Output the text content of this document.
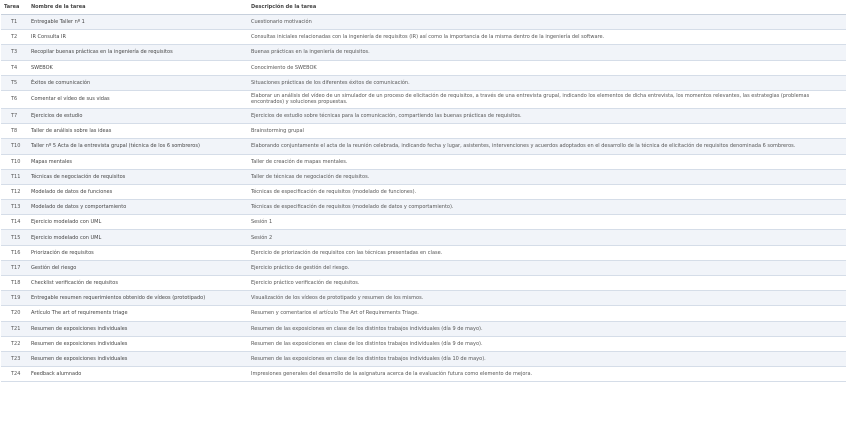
Tarea	Nombre de la tarea	Descripción de la tarea
T1	Entregable Taller nº 1	Cuestionario motivación
T2	IR Consulta IR	Consultas iniciales relacionadas con la ingeniería de requisitos (IR) así como la importancia de la misma dentro de la ingeniería del software.
T3	Recopilar buenas prácticas en la ingeniería de requisitos	Buenas prácticas en la ingeniería de requisitos.
T4	SWEBOK	Conocimiento de SWEBOK
T5	Éxitos de comunicación	Situaciones prácticas de los diferentes éxitos de comunicación.
T6	Comentar el vídeo de sus vidas	Elaborar un análisis del vídeo de un simulador de un proceso de elicitación de requisitos, a través de una entrevista grupal, indicando los elementos de dicha entrevista, los momentos relevantes, las estrategias (problemas encontrados) y soluciones propuestas.
T7	Ejercicios de estudio	Ejercicios de estudio sobre técnicas para la comunicación, compartiendo las buenas prácticas de requisitos.
T8	Taller de análisis sobre las ideas	Brainstorming grupal
T10	Taller nº 5 Acta de la entrevista grupal (técnica de los 6 sombreros)	Elaborando conjuntamente el acta de la reunión celebrada, indicando fecha y lugar, asistentes, intervenciones y acuerdos adoptados en el desarrollo de la técnica de elicitación de requisitos denominada 6 sombreros.
T10	Mapas mentales	Taller de creación de mapas mentales.
T11	Técnicas de negociación de requisitos	Taller de técnicas de negociación de requisitos.
T12	Modelado de datos de funciones	Técnicas de especificación de requisitos (modelado de funciones).
T13	Modelado de datos y comportamiento	Técnicas de especificación de requisitos (modelado de datos y comportamiento).
T14	Ejercicio modelado con UML	Sesión 1
T15	Ejercicio modelado con UML	Sesión 2
T16	Priorización de requisitos	Ejercicio de priorización de requisitos con las técnicas presentadas en clase.
T17	Gestión del riesgo	Ejercicio práctico de gestión del riesgo.
T18	Checklist verificación de requisitos	Ejercicio práctico verificación de requisitos.
T19	Entregable resumen requerimientos obtenido de vídeos (prototipado)	Visualización de los vídeos de prototipado y resumen de los mismos.
T20	Artículo The art of requirements triage	Resumen y comentarios el artículo The Art of Requirements Triage.
T21	Resumen de exposiciones individuales	Resumen de las exposiciones en clase de los distintos trabajos individuales (día 9 de mayo).
T22	Resumen de exposiciones individuales	Resumen de las exposiciones en clase de los distintos trabajos individuales (día 9 de mayo).
T23	Resumen de exposiciones individuales	Resumen de las exposiciones en clase de los distintos trabajos individuales (día 10 de mayo).
T24	Feedback alumnado	Impresiones generales del desarrollo de la asignatura acerca de la evaluación futura como elemento de mejora.
